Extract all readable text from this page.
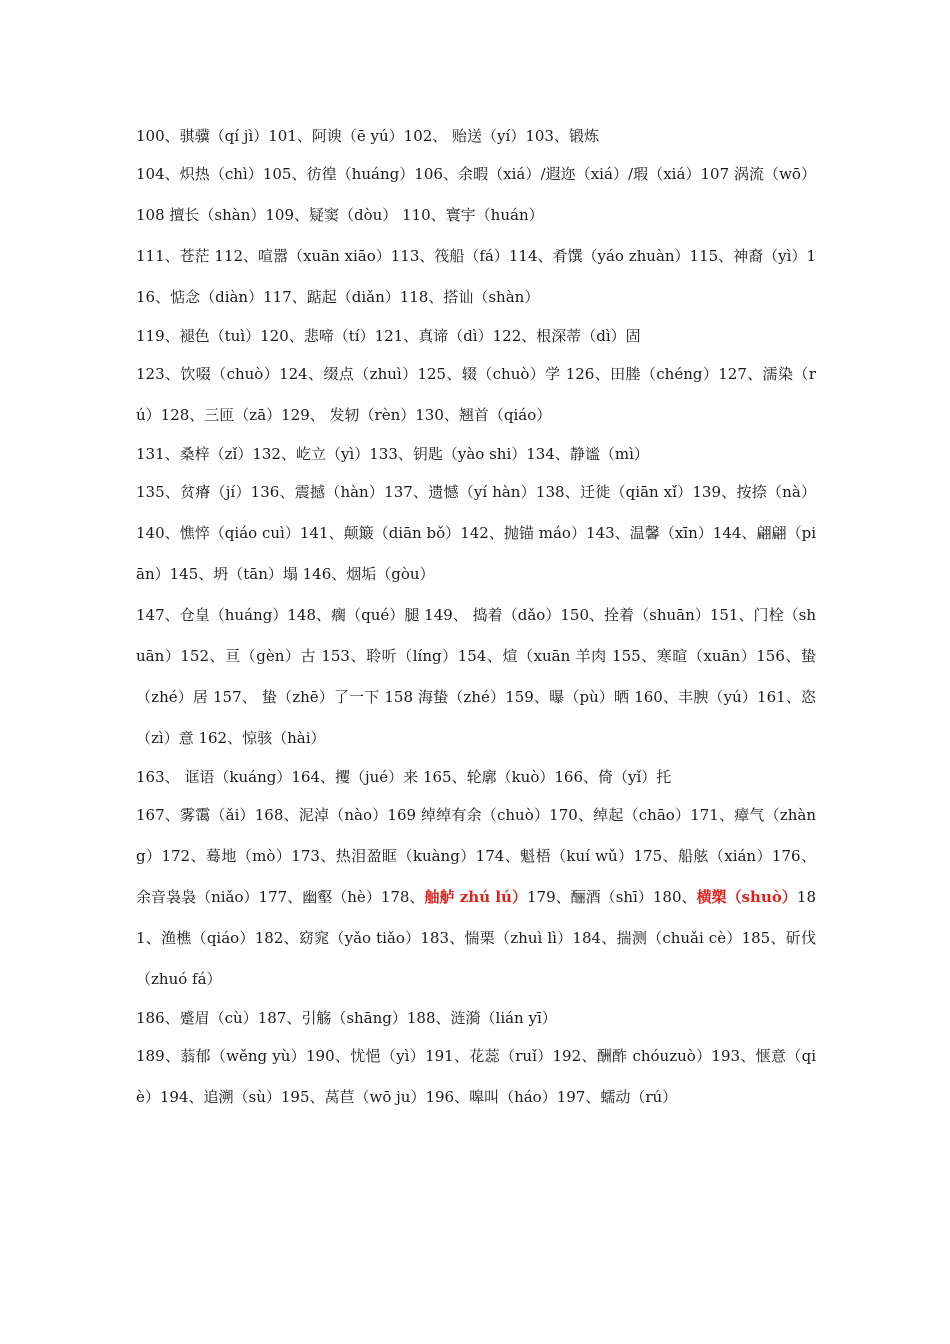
100、骐骥（qí jì）101、阿谀（ē yú）102、 贻送（yí）103、锻炼

104、炽热（chì）105、彷徨（huáng）106、余暇（xiá）/遐迩（xiá）/瑕（xiá）107 涡流（wō）108 擅长（shàn）109、疑窦（dòu） 110、寰宇（huán）

111、苍茫 112、喧嚣（xuān xiāo）113、筏船（fá）114、肴馔（yáo zhuàn）115、神裔（yì）116、惦念（diàn）117、踮起（diǎn）118、搭讪（shàn）

119、褪色（tuì）120、悲啼（tí）121、真谛（dì）122、根深蒂（dì）固

123、饮啜（chuò）124、缀点（zhuì）125、辍（chuò）学 126、田塍（chéng）127、濡染（rú）128、三匝（zā）129、 发轫（rèn）130、翘首（qiáo）

131、桑梓（zǐ）132、屹立（yì）133、钥匙（yào shi）134、静谧（mì）

135、贫瘠（jí）136、震撼（hàn）137、遗憾（yí hàn）138、迁徙（qiān xǐ）139、按捺（nà）140、憔悴（qiáo cuì）141、颠簸（diān bǒ）142、抛锚 máo）143、温馨（xīn）144、翩翩（piān）145、坍（tān）塌 146、烟垢（gòu）

147、仓皇（huáng）148、瘸（qué）腿 149、 捣着（dǎo）150、拴着（shuān）151、门栓（shuān）152、亘（gèn）古 153、聆听（líng）154、煊（xuān 羊肉 155、寒暄（xuān）156、蛰（zhé）居 157、 蛰（zhē）了一下 158 海蛰（zhé）159、曝（pù）晒 160、丰腴（yú）161、恣（zì）意 162、惊骇（hài）

163、 诓语（kuáng）164、攫（jué）来 165、轮廓（kuò）166、倚（yǐ）托

167、雾霭（ǎi）168、泥淖（nào）169 绰绰有余（chuò）170、绰起（chāo）171、瘴气（zhàng）172、蓦地（mò）173、热泪盈眶（kuàng）174、魁梧（kuí wǔ）175、船舷（xián）176、余音袅袅（niǎo）177、幽壑（hè）178、舳舻 zhú lú）179、酾酒（shī）180、横槊（shuò）181、渔樵（qiáo）182、窈窕（yǎo tiǎo）183、惴栗（zhuì lì）184、揣测（chuǎi cè）185、斫伐（zhuó fá）

186、蹙眉（cù）187、引觞（shāng）188、涟漪（lián yī）

189、蓊郁（wěng yù）190、忧悒（yì）191、花蕊（ruǐ）192、酬酢 chóuzuò）193、惬意（qiè）194、追溯（sù）195、莴苣（wō ju）196、嗥叫（háo）197、蠕动（rú）
